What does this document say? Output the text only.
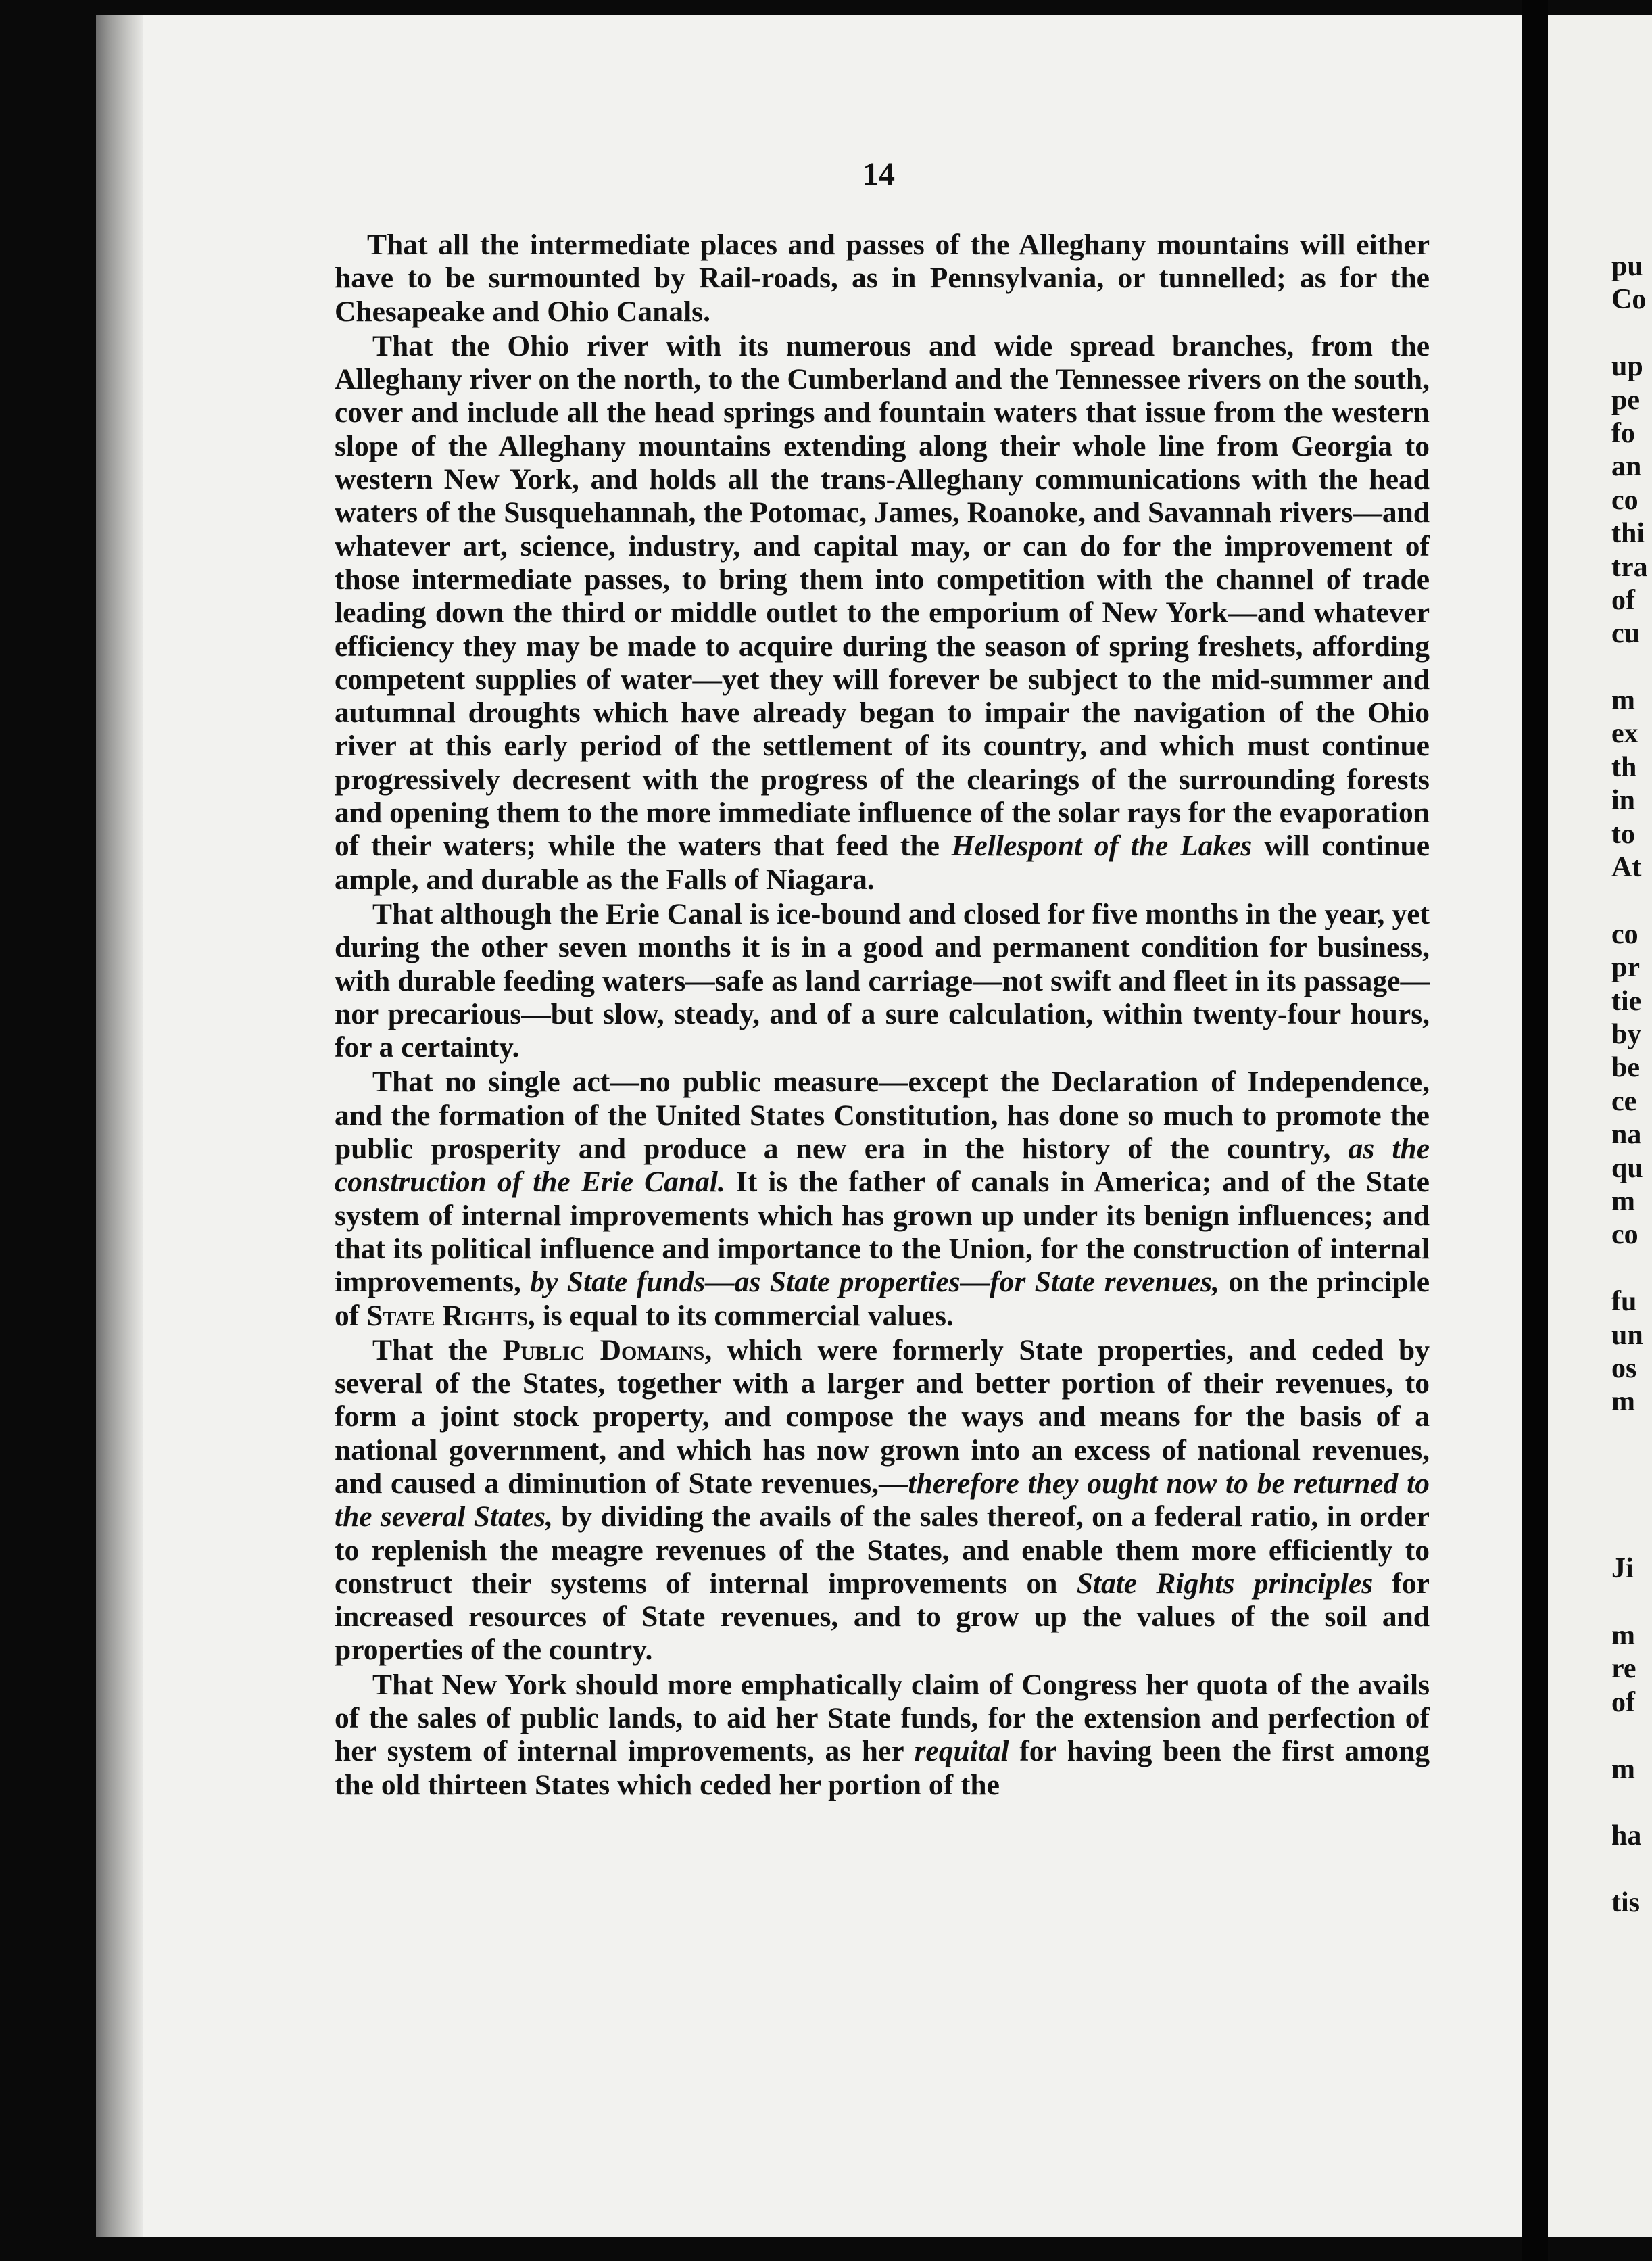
14

That all the intermediate places and passes of the Alleghany mountains will either have to be surmounted by Rail-roads, as in Pennsylvania, or tunnelled; as for the Chesapeake and Ohio Canals.

That the Ohio river with its numerous and wide spread branches, from the Alleghany river on the north, to the Cumberland and the Tennessee rivers on the south, cover and include all the head springs and fountain waters that issue from the western slope of the Alleghany mountains extending along their whole line from Georgia to western New York, and holds all the trans-Alleghany communications with the head waters of the Susquehannah, the Potomac, James, Roanoke, and Savannah rivers—and whatever art, science, industry, and capital may, or can do for the improvement of those intermediate passes, to bring them into competition with the channel of trade leading down the third or middle outlet to the emporium of New York—and whatever efficiency they may be made to acquire during the season of spring freshets, affording competent supplies of water—yet they will forever be subject to the mid-summer and autumnal droughts which have already began to impair the navigation of the Ohio river at this early period of the settlement of its country, and which must continue progressively decresent with the progress of the clearings of the surrounding forests and opening them to the more immediate influence of the solar rays for the evaporation of their waters; while the waters that feed the Hellespont of the Lakes will continue ample, and durable as the Falls of Niagara.

That although the Erie Canal is ice-bound and closed for five months in the year, yet during the other seven months it is in a good and permanent condition for business, with durable feeding waters—safe as land carriage—not swift and fleet in its passage—nor precarious—but slow, steady, and of a sure calculation, within twenty-four hours, for a certainty.

That no single act—no public measure—except the Declaration of Independence, and the formation of the United States Constitution, has done so much to promote the public prosperity and produce a new era in the history of the country, as the construction of the Erie Canal. It is the father of canals in America; and of the State system of internal improvements which has grown up under its benign influences; and that its political influence and importance to the Union, for the construction of internal improvements, by State funds—as State properties—for State revenues, on the principle of State Rights, is equal to its commercial values.

That the Public Domains, which were formerly State properties, and ceded by several of the States, together with a larger and better portion of their revenues, to form a joint stock property, and compose the ways and means for the basis of a national government, and which has now grown into an excess of national revenues, and caused a diminution of State revenues,—therefore they ought now to be returned to the several States, by dividing the avails of the sales thereof, on a federal ratio, in order to replenish the meagre revenues of the States, and enable them more efficiently to construct their systems of internal improvements on State Rights principles for increased resources of State revenues, and to grow up the values of the soil and properties of the country.

That New York should more emphatically claim of Congress her quota of the avails of the sales of public lands, to aid her State funds, for the extension and perfection of her system of internal improvements, as her requital for having been the first among the old thirteen States which ceded her portion of the

pu
Co
up
pe
fo
an
co
thi
tra
of
cu
m
ex
th
in
to
At
co
pr
tie
by
be
ce
na
qu
m
co
fu
un
os
m
Ji
m
re
of
m
ha
tis
